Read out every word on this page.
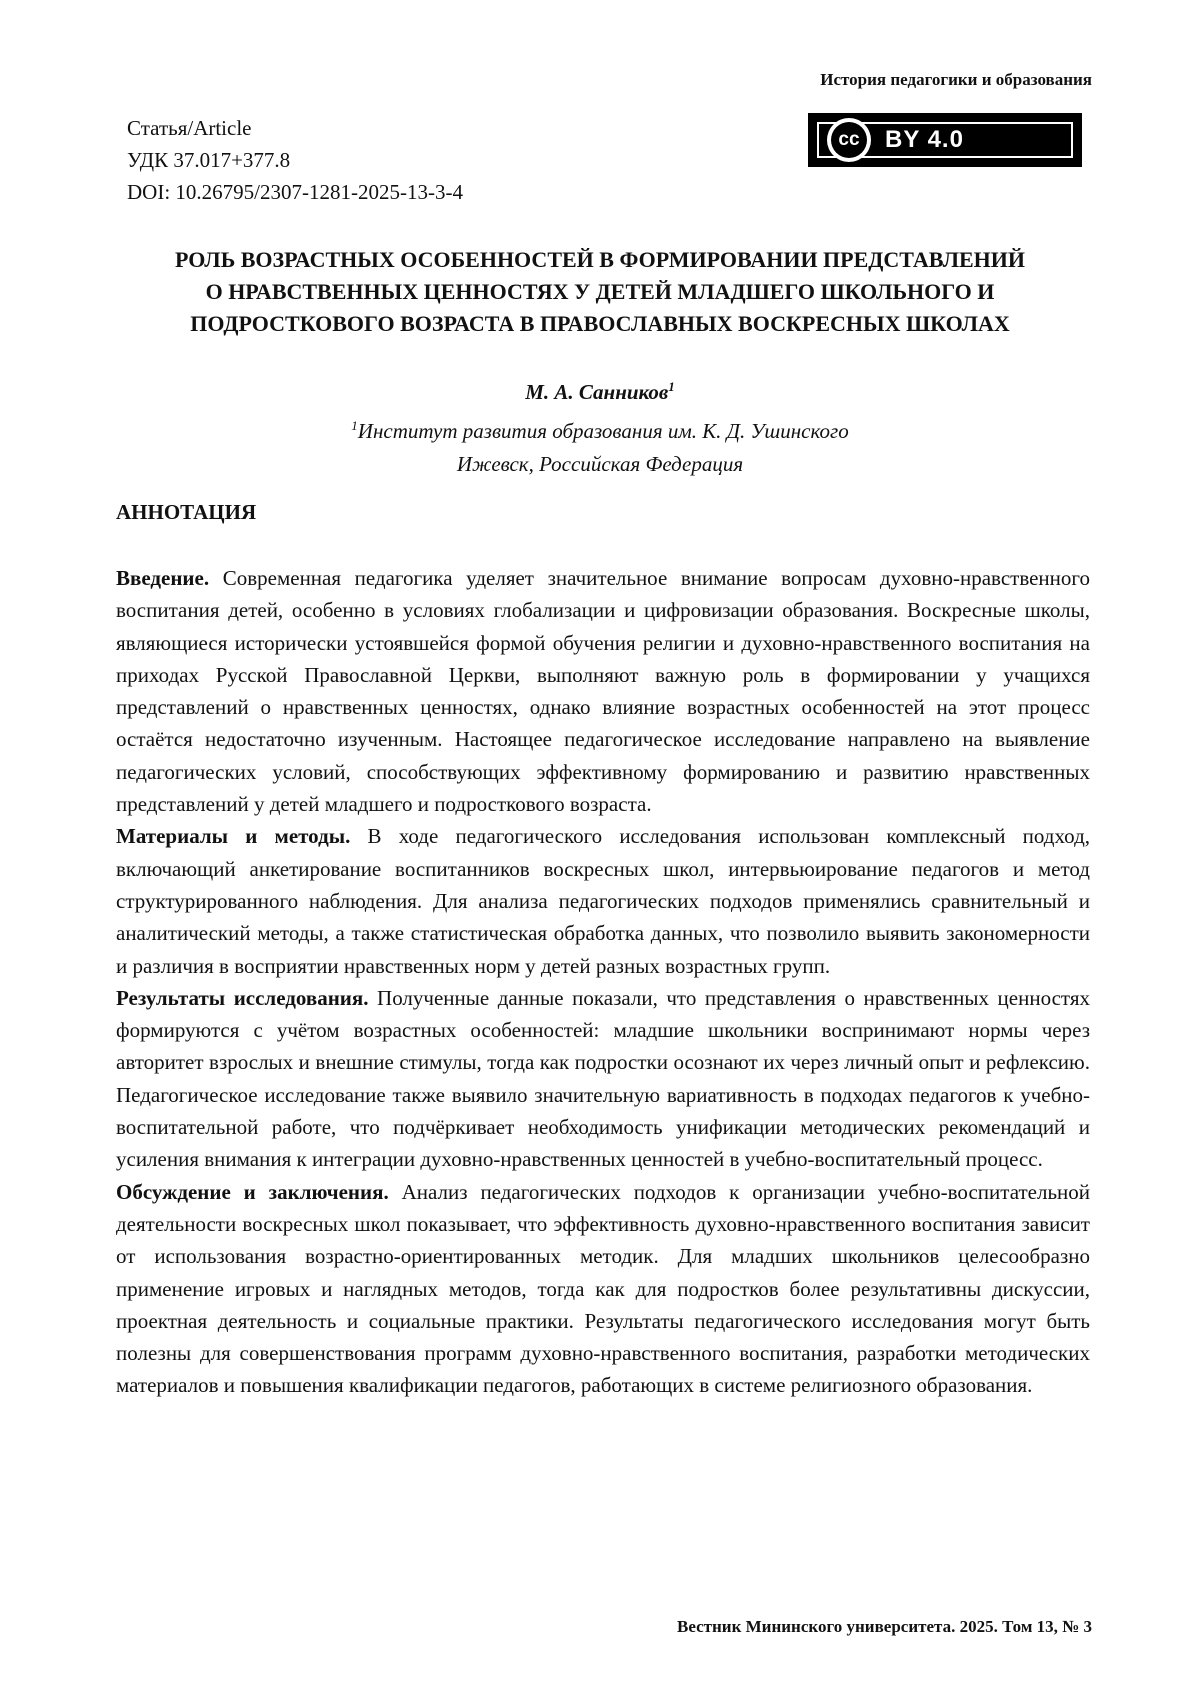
История педагогики и образования
Статья/Article
УДК 37.017+377.8
DOI: 10.26795/2307-1281-2025-13-3-4
cc	BY 4.0
РОЛЬ ВОЗРАСТНЫХ ОСОБЕННОСТЕЙ В ФОРМИРОВАНИИ ПРЕДСТАВЛЕНИЙ
О НРАВСТВЕННЫХ ЦЕННОСТЯХ У ДЕТЕЙ МЛАДШЕГО ШКОЛЬНОГО И
ПОДРОСТКОВОГО ВОЗРАСТА В ПРАВОСЛАВНЫХ ВОСКРЕСНЫХ ШКОЛАХ
М. А. Санников$^1$
$^1$Институт развития образования им. К. Д. Ушинского
Ижевск, Российская Федерация
АННОТАЦИЯ

Введение. Современная педагогика уделяет значительное внимание вопросам духовно-нравственного воспитания детей, особенно в условиях глобализации и цифровизации образования. Воскресные школы, являющиеся исторически устоявшейся формой обучения религии и духовно-нравственного воспитания на приходах Русской Православной Церкви, выполняют важную роль в формировании у учащихся представлений о нравственных ценностях, однако влияние возрастных особенностей на этот процесс остаётся недостаточно изученным. Настоящее педагогическое исследование направлено на выявление педагогических условий, способствующих эффективному формированию и развитию нравственных представлений у детей младшего и подросткового возраста.

Материалы и методы. В ходе педагогического исследования использован комплексный подход, включающий анкетирование воспитанников воскресных школ, интервьюирование педагогов и метод структурированного наблюдения. Для анализа педагогических подходов применялись сравнительный и аналитический методы, а также статистическая обработка данных, что позволило выявить закономерности и различия в восприятии нравственных норм у детей разных возрастных групп.

Результаты исследования. Полученные данные показали, что представления о нравственных ценностях формируются с учётом возрастных особенностей: младшие школьники воспринимают нормы через авторитет взрослых и внешние стимулы, тогда как подростки осознают их через личный опыт и рефлексию. Педагогическое исследование также выявило значительную вариативность в подходах педагогов к учебно-воспитательной работе, что подчёркивает необходимость унификации методических рекомендаций и усиления внимания к интеграции духовно-нравственных ценностей в учебно-воспитательный процесс.

Обсуждение и заключения. Анализ педагогических подходов к организации учебно-воспитательной деятельности воскресных школ показывает, что эффективность духовно-нравственного воспитания зависит от использования возрастно-ориентированных методик. Для младших школьников целесообразно применение игровых и наглядных методов, тогда как для подростков более результативны дискуссии, проектная деятельность и социальные практики. Результаты педагогического исследования могут быть полезны для совершенствования программ духовно-нравственного воспитания, разработки методических материалов и повышения квалификации педагогов, работающих в системе религиозного образования.

Вестник Мининского университета. 2025. Том 13, № 3
